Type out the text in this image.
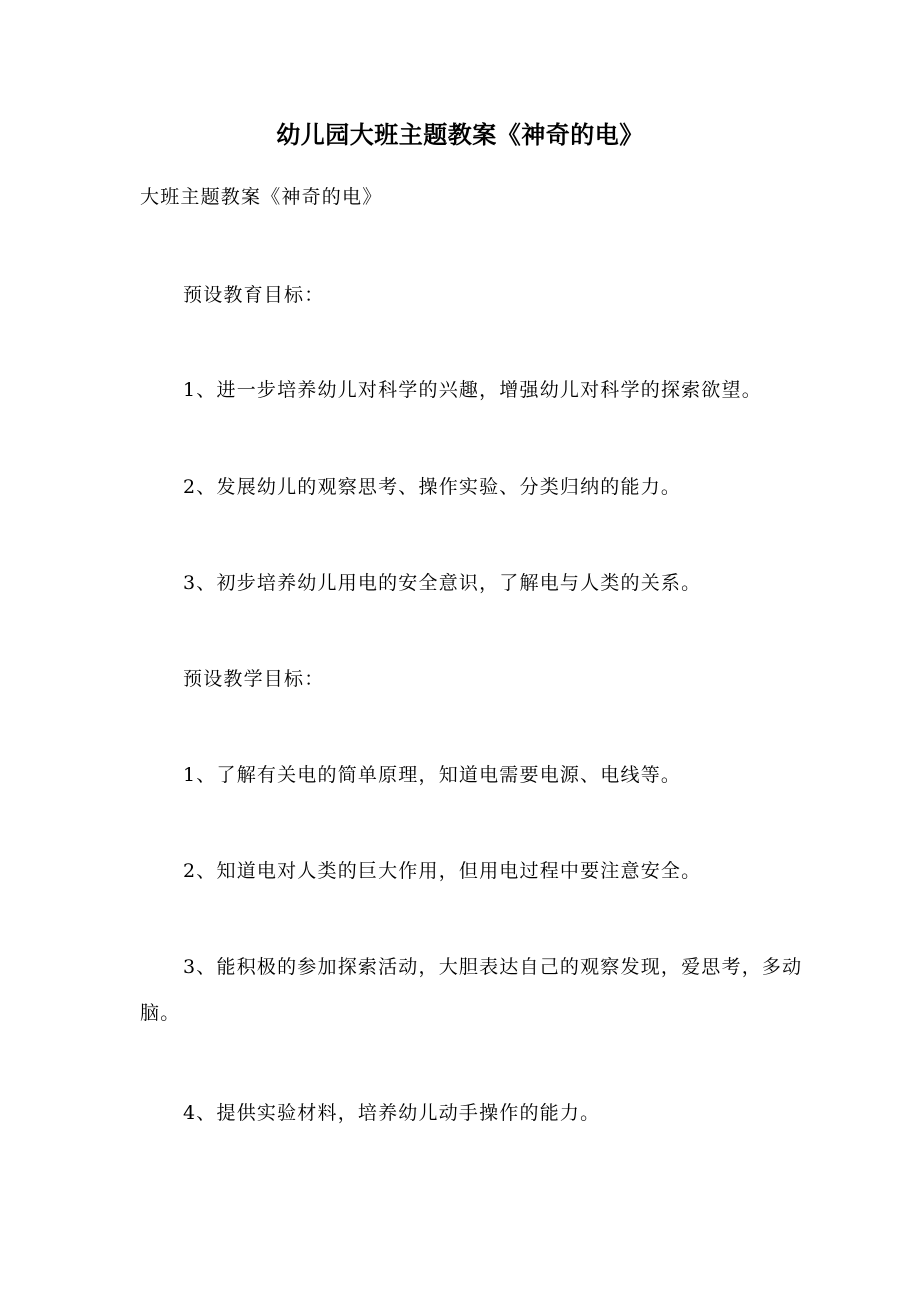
幼儿园大班主题教案《神奇的电》

大班主题教案《神奇的电》

预设教育目标：

1、进一步培养幼儿对科学的兴趣，增强幼儿对科学的探索欲望。

2、发展幼儿的观察思考、操作实验、分类归纳的能力。

3、初步培养幼儿用电的安全意识，了解电与人类的关系。

预设教学目标：

1、了解有关电的简单原理，知道电需要电源、电线等。

2、知道电对人类的巨大作用，但用电过程中要注意安全。

3、能积极的参加探索活动，大胆表达自己的观察发现，爱思考，多动脑。

4、提供实验材料，培养幼儿动手操作的能力。
